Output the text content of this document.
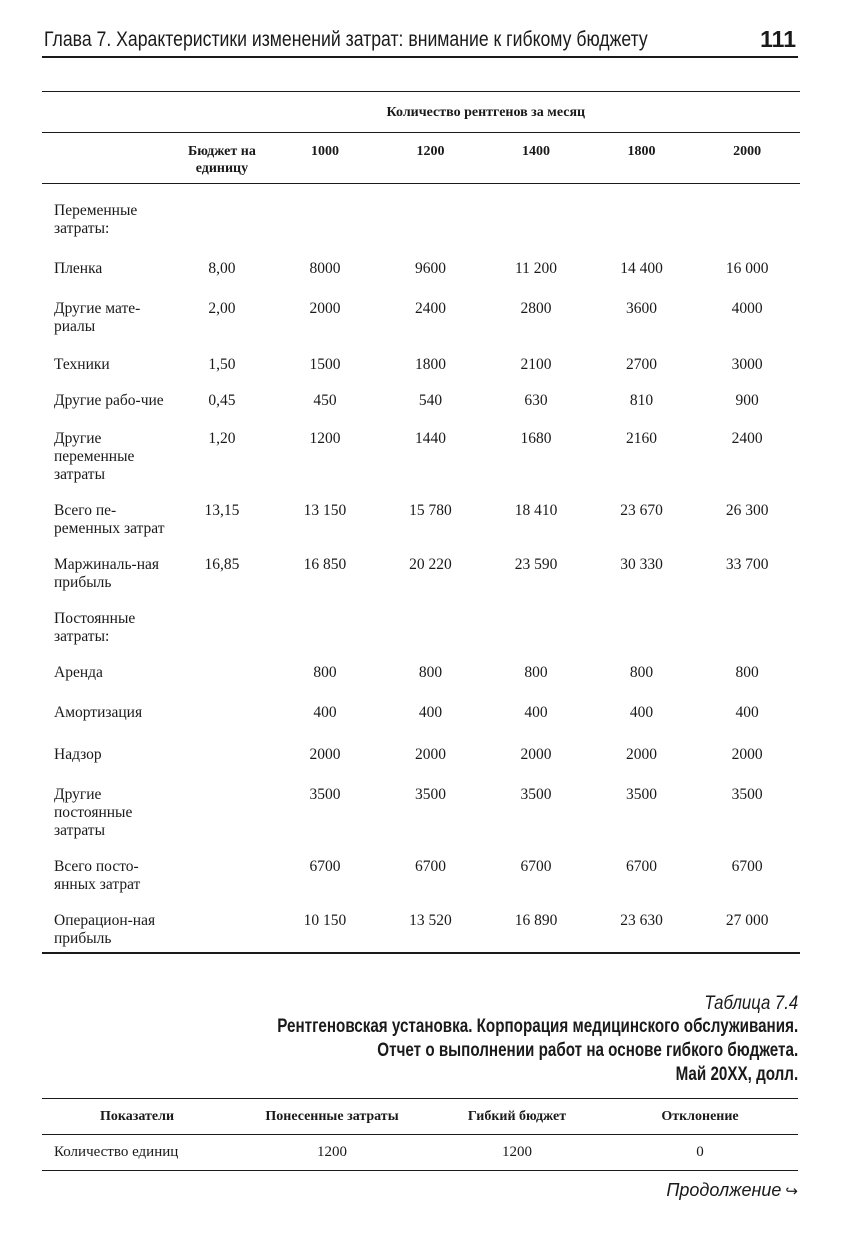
Глава 7. Характеристики изменений затрат: внимание к гибкому бюджету	111
	Количество рентгенов за месяц					
	Бюджет на единицу	1000	1200	1400	1800	2000
Переменные затраты:						
Пленка	8,00	8000	9600	11 200	14 400	16 000
Другие мате-риалы	2,00	2000	2400	2800	3600	4000
Техники	1,50	1500	1800	2100	2700	3000
Другие рабо-чие	0,45	450	540	630	810	900
Другие переменные затраты	1,20	1200	1440	1680	2160	2400
Всего пе-ременных затрат	13,15	13 150	15 780	18 410	23 670	26 300
Маржиналь-ная прибыль	16,85	16 850	20 220	23 590	30 330	33 700
Постоянные затраты:						
Аренда		800	800	800	800	800
Амортизация		400	400	400	400	400
Надзор		2000	2000	2000	2000	2000
Другие постоянные затраты		3500	3500	3500	3500	3500
Всего посто-янных затрат		6700	6700	6700	6700	6700
Операцион-ная прибыль		10 150	13 520	16 890	23 630	27 000
Таблица 7.4
Рентгеновская установка. Корпорация медицинского обслуживания.
Отчет о выполнении работ на основе гибкого бюджета.
Май 20XX, долл.
Показатели	Понесенные затраты	Гибкий бюджет	Отклонение
Количество единиц	1200	1200	0
Продолжение ↪
